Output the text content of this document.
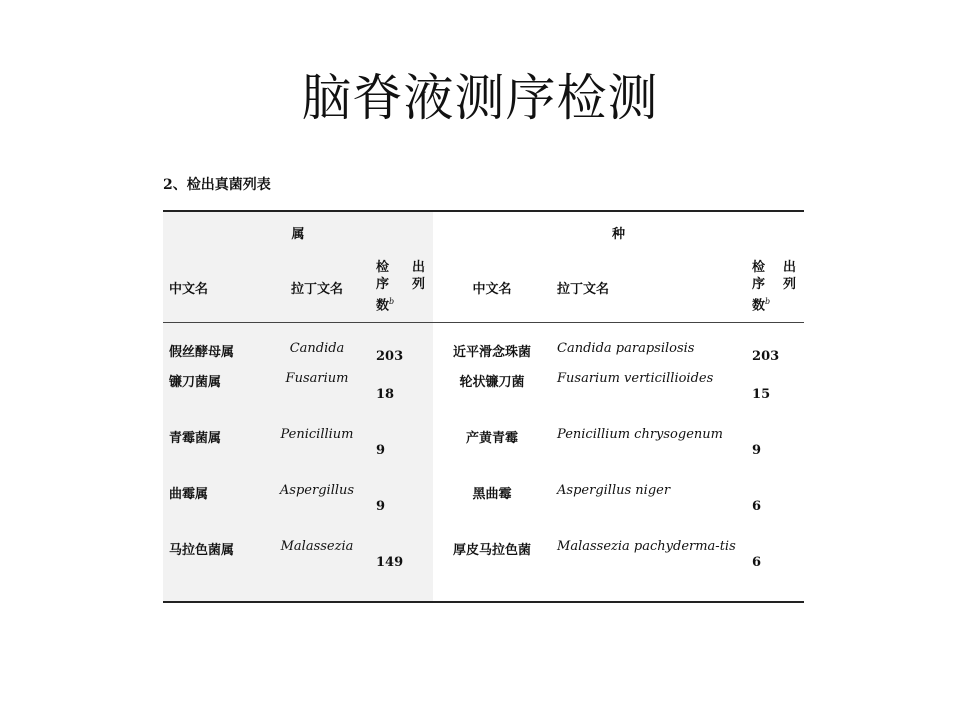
脑脊液测序检测
2、检出真菌列表
属			种		
中文名	拉丁文名	检 出
序 列
数$^b$	中文名	拉丁文名	检 出
序 列
数$^b$

假丝酵母属	Candida	203	近平滑念珠菌	Candida parapsilosis	203
镰刀菌属	Fusarium	18	轮状镰刀菌	Fusarium verticillioides	15
青霉菌属	Penicillium	9	产黄青霉	Penicillium chrysogenum	9
曲霉属	Aspergillus	9	黑曲霉	Aspergillus niger	6
马拉色菌属	Malassezia	149	厚皮马拉色菌	Malassezia pachyderma-tis	6
